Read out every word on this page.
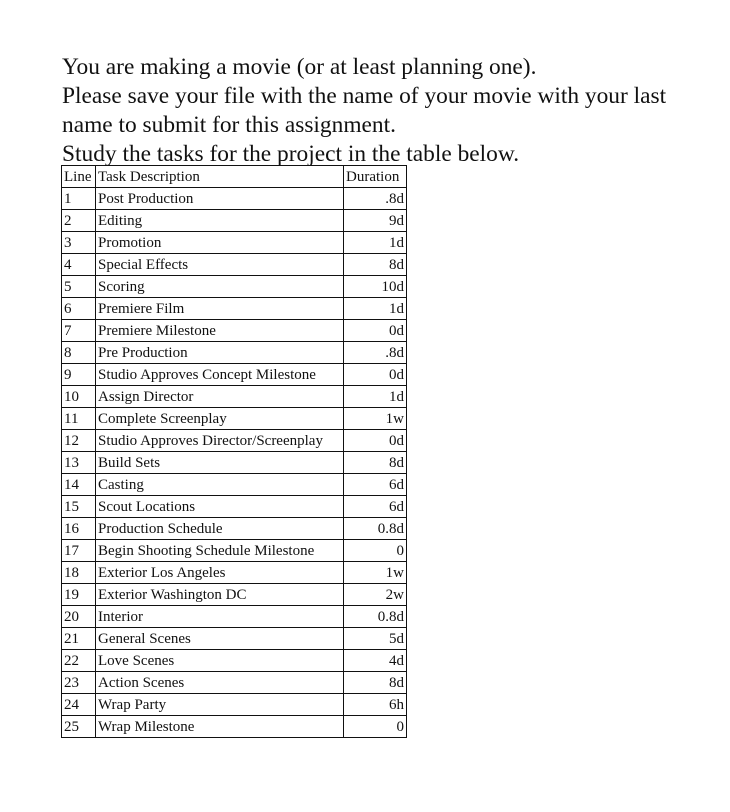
You are making a movie (or at least planning one).

Please save your file with the name of your movie with your last

name to submit for this assignment.

Study the tasks for the project in the table below.

Line	Task Description	Duration
1	Post Production	.8d
2	Editing	9d
3	Promotion	1d
4	Special Effects	8d
5	Scoring	10d
6	Premiere Film	1d
7	Premiere Milestone	0d
8	Pre Production	.8d
9	Studio Approves Concept Milestone	0d
10	Assign Director	1d
11	Complete Screenplay	1w
12	Studio Approves Director/Screenplay	0d
13	Build Sets	8d
14	Casting	6d
15	Scout Locations	6d
16	Production Schedule	0.8d
17	Begin Shooting Schedule Milestone	0
18	Exterior Los Angeles	1w
19	Exterior Washington DC	2w
20	Interior	0.8d
21	General Scenes	5d
22	Love Scenes	4d
23	Action Scenes	8d
24	Wrap Party	6h
25	Wrap Milestone	0
